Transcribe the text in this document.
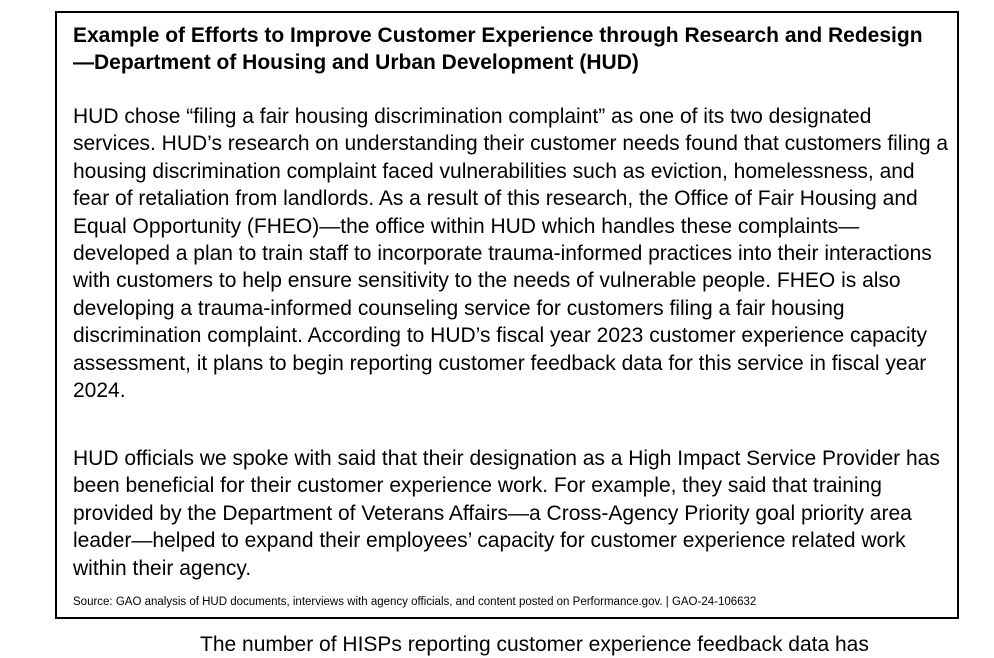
Example of Efforts to Improve Customer Experience through Research and Redesign—Department of Housing and Urban Development (HUD)

HUD chose “filing a fair housing discrimination complaint” as one of its two designated services. HUD’s research on understanding their customer needs found that customers filing a housing discrimination complaint faced vulnerabilities such as eviction, homelessness, and fear of retaliation from landlords. As a result of this research, the Office of Fair Housing and Equal Opportunity (FHEO)—the office within HUD which handles these complaints—developed a plan to train staff to incorporate trauma-informed practices into their interactions with customers to help ensure sensitivity to the needs of vulnerable people. FHEO is also developing a trauma-informed counseling service for customers filing a fair housing discrimination complaint. According to HUD’s fiscal year 2023 customer experience capacity assessment, it plans to begin reporting customer feedback data for this service in fiscal year 2024.

HUD officials we spoke with said that their designation as a High Impact Service Provider has been beneficial for their customer experience work. For example, they said that training provided by the Department of Veterans Affairs—a Cross-Agency Priority goal priority area leader—helped to expand their employees’ capacity for customer experience related work within their agency.

Source: GAO analysis of HUD documents, interviews with agency officials, and content posted on Performance.gov. | GAO-24-106632

The number of HISPs reporting customer experience feedback data has
